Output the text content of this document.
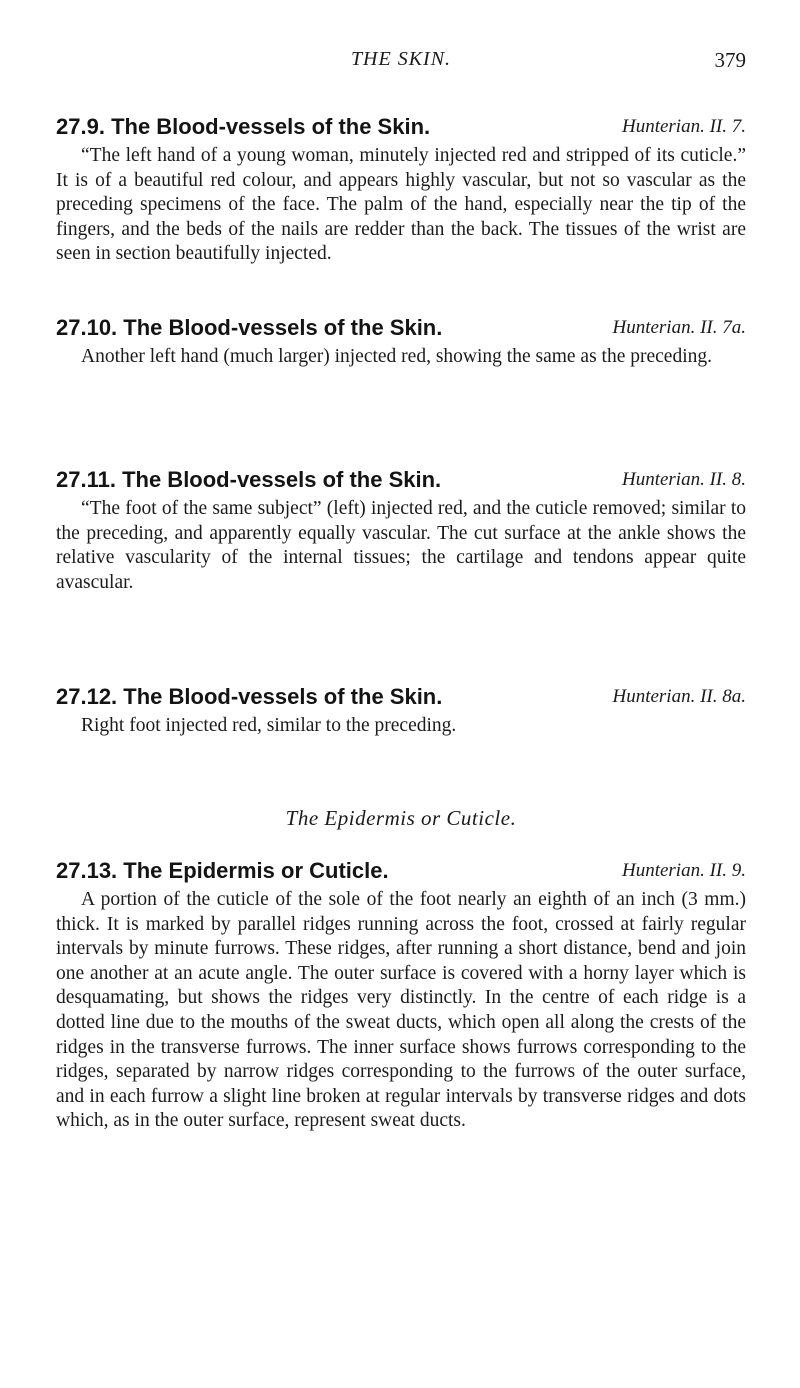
THE SKIN.	379
27.9. The Blood-vessels of the Skin.	Hunterian. II. 7.

“The left hand of a young woman, minutely injected red and stripped of its cuticle.” It is of a beautiful red colour, and appears highly vascular, but not so vascular as the preceding specimens of the face. The palm of the hand, especially near the tip of the fingers, and the beds of the nails are redder than the back. The tissues of the wrist are seen in section beautifully injected.

27.10. The Blood-vessels of the Skin.	Hunterian. II. 7a.

Another left hand (much larger) injected red, showing the same as the preceding.

27.11. The Blood-vessels of the Skin.	Hunterian. II. 8.

“The foot of the same subject” (left) injected red, and the cuticle removed; similar to the preceding, and apparently equally vascular. The cut surface at the ankle shows the relative vascularity of the internal tissues; the cartilage and tendons appear quite avascular.

27.12. The Blood-vessels of the Skin.	Hunterian. II. 8a.

Right foot injected red, similar to the preceding.

The Epidermis or Cuticle.
27.13. The Epidermis or Cuticle.	Hunterian. II. 9.

A portion of the cuticle of the sole of the foot nearly an eighth of an inch (3 mm.) thick. It is marked by parallel ridges running across the foot, crossed at fairly regular intervals by minute furrows. These ridges, after running a short distance, bend and join one another at an acute angle. The outer surface is covered with a horny layer which is desquamating, but shows the ridges very distinctly. In the centre of each ridge is a dotted line due to the mouths of the sweat ducts, which open all along the crests of the ridges in the transverse furrows. The inner surface shows furrows corresponding to the ridges, separated by narrow ridges corresponding to the furrows of the outer surface, and in each furrow a slight line broken at regular intervals by transverse ridges and dots which, as in the outer surface, represent sweat ducts.
